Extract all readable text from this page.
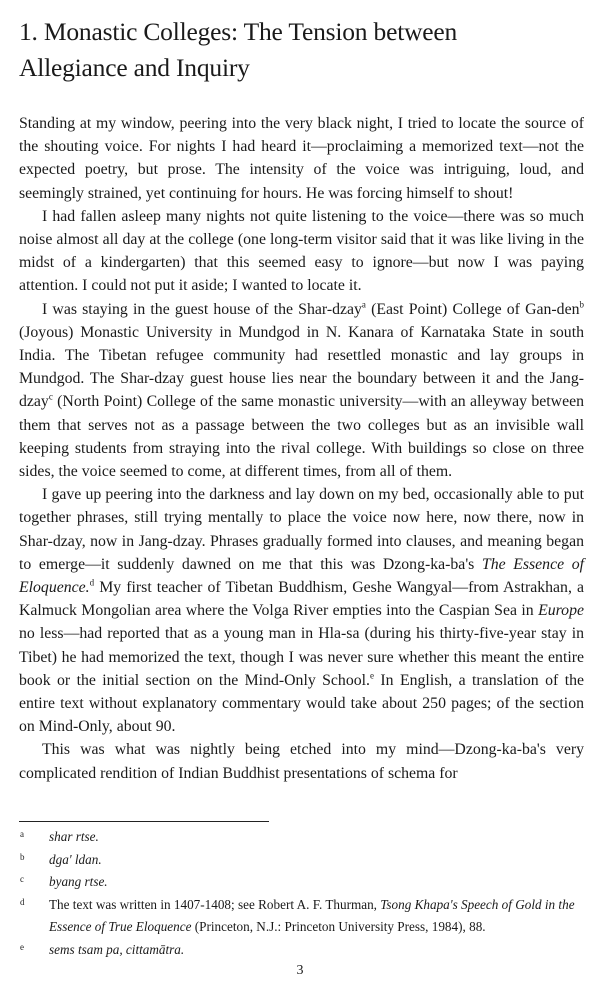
1. Monastic Colleges: The Tension between
Allegiance and Inquiry

Standing at my window, peering into the very black night, I tried to locate the source of the shouting voice. For nights I had heard it—proclaiming a memorized text—not the expected poetry, but prose. The intensity of the voice was intriguing, loud, and seemingly strained, yet continuing for hours. He was forcing himself to shout!

I had fallen asleep many nights not quite listening to the voice—there was so much noise almost all day at the college (one long-term visitor said that it was like living in the midst of a kindergarten) that this seemed easy to ignore—but now I was paying attention. I could not put it aside; I wanted to locate it.

I was staying in the guest house of the Shar-dzay$^a$ (East Point) College of Gan-den$^b$ (Joyous) Monastic University in Mundgod in N. Kanara of Karnataka State in south India. The Tibetan refugee community had resettled monastic and lay groups in Mundgod. The Shar-dzay guest house lies near the boundary between it and the Jang-dzay$^c$ (North Point) College of the same monastic university—with an alleyway between them that serves not as a passage between the two colleges but as an invisible wall keeping students from straying into the rival college. With buildings so close on three sides, the voice seemed to come, at different times, from all of them.

I gave up peering into the darkness and lay down on my bed, occasionally able to put together phrases, still trying mentally to place the voice now here, now there, now in Shar-dzay, now in Jang-dzay. Phrases gradually formed into clauses, and meaning began to emerge—it suddenly dawned on me that this was Dzong-ka-ba's The Essence of Eloquence.$^d$ My first teacher of Tibetan Buddhism, Geshe Wangyal—from Astrakhan, a Kalmuck Mongolian area where the Volga River empties into the Caspian Sea in Europe no less—had reported that as a young man in Hla-sa (during his thirty-five-year stay in Tibet) he had memorized the text, though I was never sure whether this meant the entire book or the initial section on the Mind-Only School.$^e$ In English, a translation of the entire text without explanatory commentary would take about 250 pages; of the section on Mind-Only, about 90.

This was what was nightly being etched into my mind—Dzong-ka-ba's very complicated rendition of Indian Buddhist presentations of schema for

a shar rtse.
b dga' ldan.
c byang rtse.
d The text was written in 1407-1408; see Robert A. F. Thurman, Tsong Khapa's Speech of Gold in the Essence of True Eloquence (Princeton, N.J.: Princeton University Press, 1984), 88.
e sems tsam pa, cittamātra.
3
